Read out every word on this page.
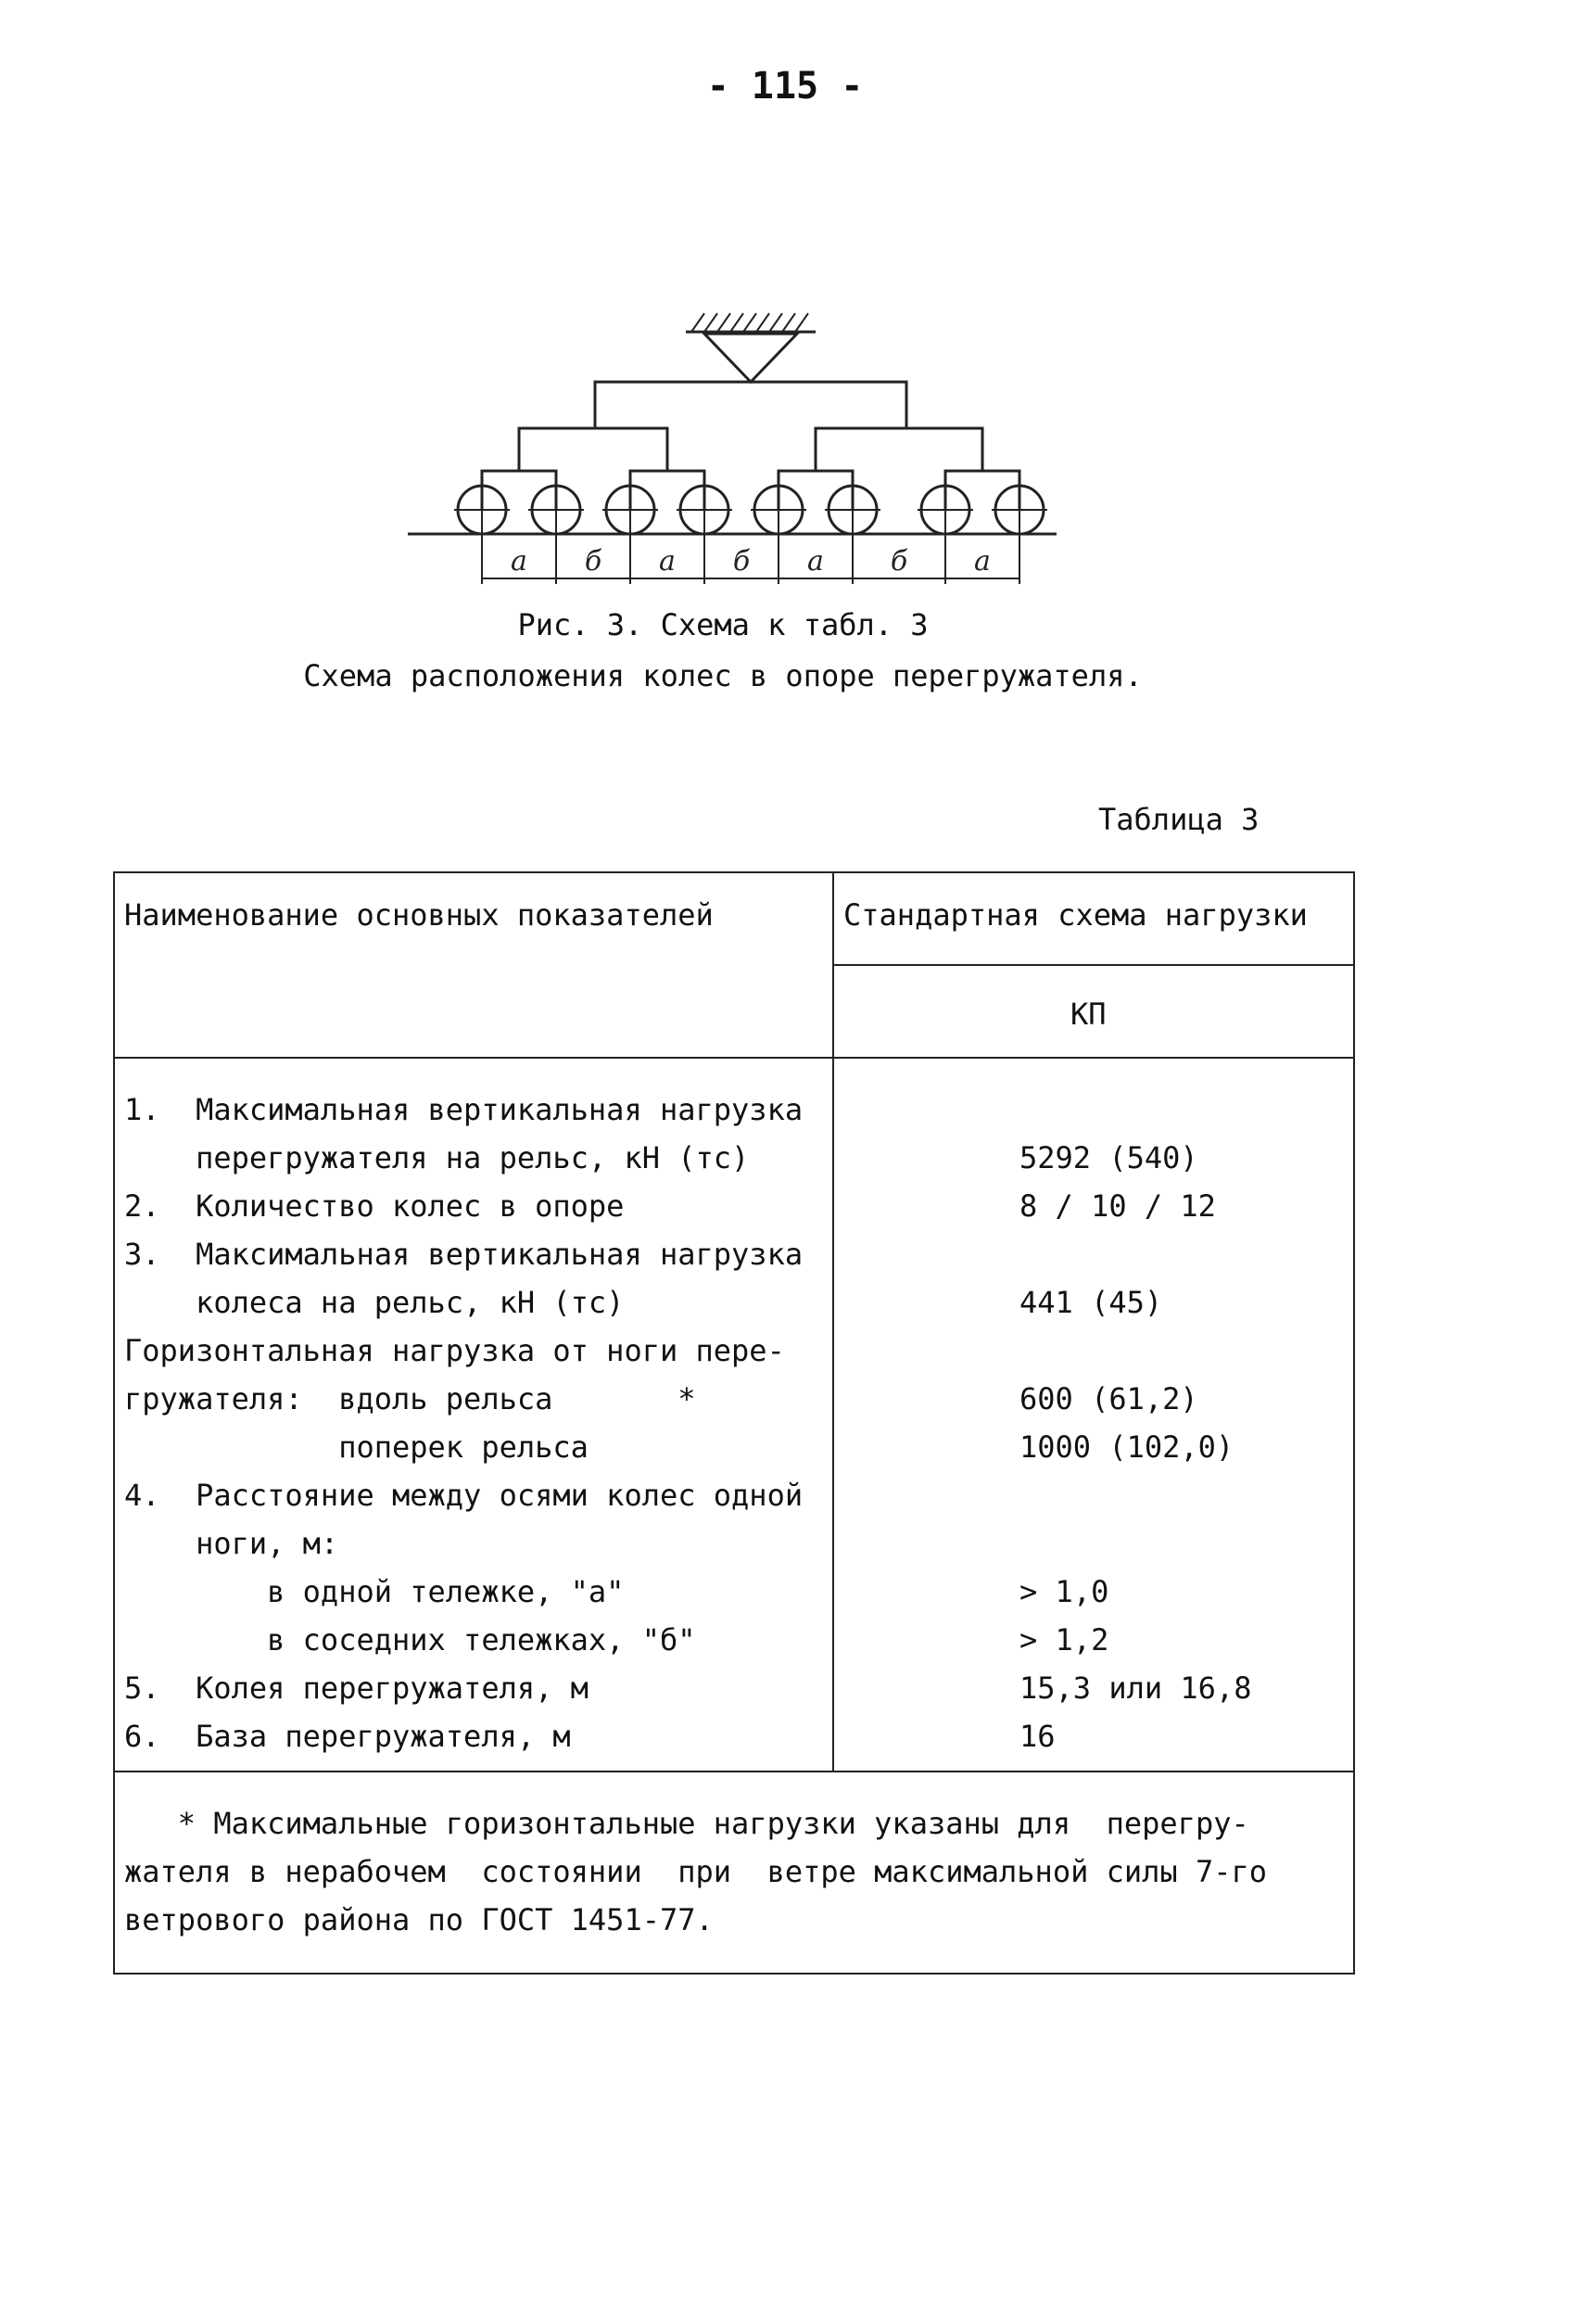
- 115 -
а б а б а б а
Рис. 3. Схема к табл. 3
Схема расположения колес в опоре перегружателя.
Таблица 3
Наименование основных показателей	Стандартная схема нагрузки
КП
1.  Максимальная вертикальная нагрузка
перегружателя на рельс, кН (тс)	5292 (540)
2.  Количество колес в опоре	8 / 10 / 12
3.  Максимальная вертикальная нагрузка
колеса на рельс, кН (тс)	441 (45)
Горизонтальная нагрузка от ноги пере-
гружателя:  вдоль рельса       *	600 (61,2)
поперек рельса	1000 (102,0)
4.  Расстояние между осями колес одной
ноги, м:
в одной тележке, "а"	> 1,0
в соседних тележках, "б"	> 1,2
5.  Колея перегружателя, м	15,3 или 16,8
6.  База перегружателя, м	16
* Максимальные горизонтальные нагрузки указаны для  перегру-
жателя в нерабочем  состоянии  при  ветре максимальной силы 7-го
ветрового района по ГОСТ 1451-77.
